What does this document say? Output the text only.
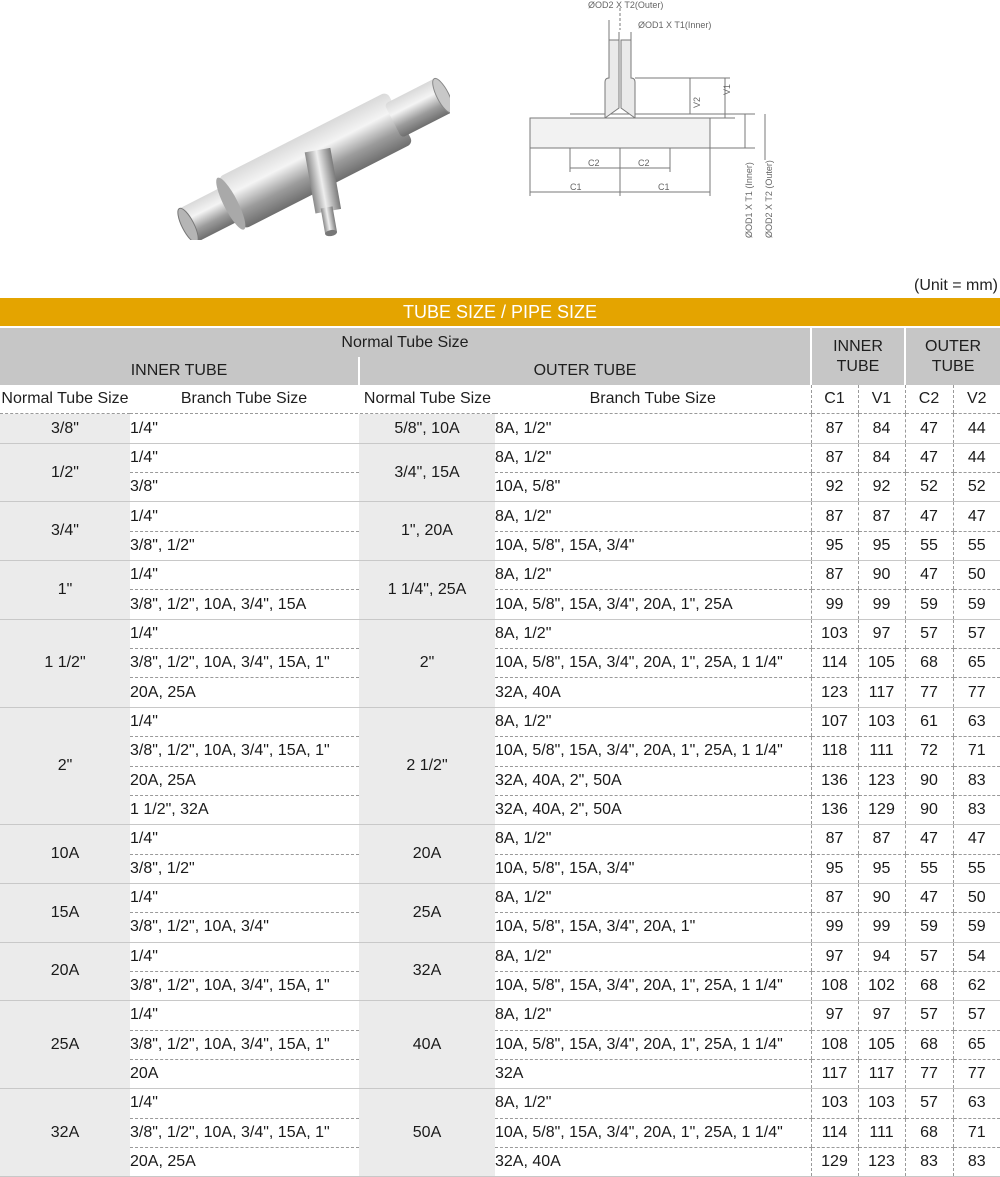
ØOD2 X T2(Outer)
ØOD1 X T1(Inner)
V1
V2
C2	C2
C1	C1	ØOD1 X T1 (Inner) ØOD2 X T2 (Outer)
(Unit = mm)
TUBE SIZE / PIPE SIZE							
Normal Tube Size				INNER TUBE		OUTER TUBE	
INNER TUBE		OUTER TUBE					
Normal Tube Size	Branch Tube Size	Normal Tube Size	Branch Tube Size	C1	V1	C2	V2
3/8"	1/4"	5/8", 10A	8A, 1/2"	87	84	47	44
1/2"	1/4"	3/4", 15A	8A, 1/2"	87	84	47	44
	3/8"		10A, 5/8"	92	92	52	52
3/4"	1/4"	1", 20A	8A, 1/2"	87	87	47	47
	3/8", 1/2"		10A, 5/8", 15A, 3/4"	95	95	55	55
1"	1/4"	1 1/4", 25A	8A, 1/2"	87	90	47	50
	3/8", 1/2", 10A, 3/4", 15A		10A, 5/8", 15A, 3/4", 20A, 1", 25A	99	99	59	59
1 1/2"	1/4"	2"	8A, 1/2"	103	97	57	57
	3/8", 1/2", 10A, 3/4", 15A, 1"		10A, 5/8", 15A, 3/4", 20A, 1", 25A, 1 1/4"	114	105	68	65
	20A, 25A		32A, 40A	123	117	77	77
2"	1/4"	2 1/2"	8A, 1/2"	107	103	61	63
	3/8", 1/2", 10A, 3/4", 15A, 1"		10A, 5/8", 15A, 3/4", 20A, 1", 25A, 1 1/4"	118	111	72	71
	20A, 25A		32A, 40A, 2", 50A	136	123	90	83
	1 1/2", 32A		32A, 40A, 2", 50A	136	129	90	83
10A	1/4"	20A	8A, 1/2"	87	87	47	47
	3/8", 1/2"		10A, 5/8", 15A, 3/4"	95	95	55	55
15A	1/4"	25A	8A, 1/2"	87	90	47	50
	3/8", 1/2", 10A, 3/4"		10A, 5/8", 15A, 3/4", 20A, 1"	99	99	59	59
20A	1/4"	32A	8A, 1/2"	97	94	57	54
	3/8", 1/2", 10A, 3/4", 15A, 1"		10A, 5/8", 15A, 3/4", 20A, 1", 25A, 1 1/4"	108	102	68	62
25A	1/4"	40A	8A, 1/2"	97	97	57	57
	3/8", 1/2", 10A, 3/4", 15A, 1"		10A, 5/8", 15A, 3/4", 20A, 1", 25A, 1 1/4"	108	105	68	65
	20A		32A	117	117	77	77
32A	1/4"	50A	8A, 1/2"	103	103	57	63
	3/8", 1/2", 10A, 3/4", 15A, 1"		10A, 5/8", 15A, 3/4", 20A, 1", 25A, 1 1/4"	114	111	68	71
	20A, 25A		32A, 40A	129	123	83	83
